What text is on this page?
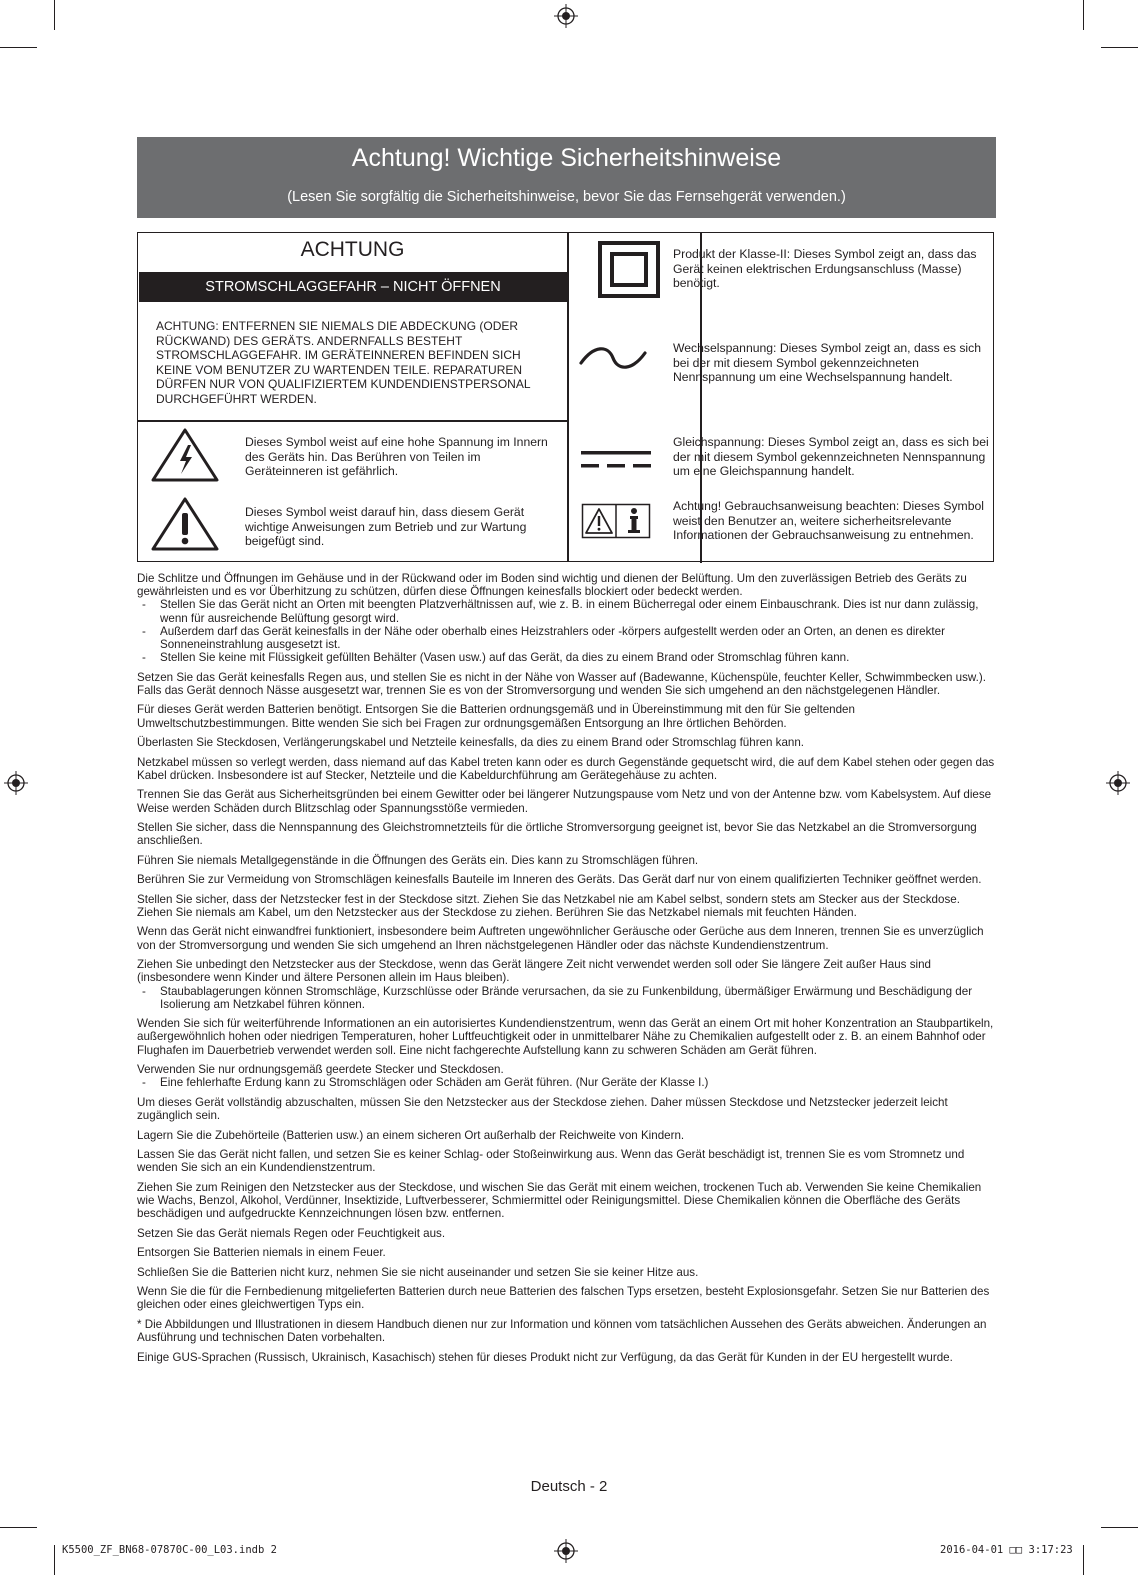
Achtung! Wichtige Sicherheitshinweise
(Lesen Sie sorgfältig die Sicherheitshinweise, bevor Sie das Fernsehgerät verwenden.)
ACHTUNG
STROMSCHLAGGEFAHR – NICHT ÖFFNEN
ACHTUNG: ENTFERNEN SIE NIEMALS DIE ABDECKUNG (ODER RÜCKWAND) DES GERÄTS. ANDERNFALLS BESTEHT STROMSCHLAGGEFAHR. IM GERÄTEINNEREN BEFINDEN SICH KEINE VOM BENUTZER ZU WARTENDEN TEILE. REPARATUREN DÜRFEN NUR VON QUALIFIZIERTEM KUNDENDIENSTPERSONAL DURCHGEFÜHRT WERDEN.
Dieses Symbol weist auf eine hohe Spannung im Innern des Geräts hin. Das Berühren von Teilen im Geräteinneren ist gefährlich.
Dieses Symbol weist darauf hin, dass diesem Gerät wichtige Anweisungen zum Betrieb und zur Wartung beigefügt sind.
Produkt der Klasse-II: Dieses Symbol zeigt an, dass das Gerät keinen elektrischen Erdungsanschluss (Masse) benötigt.
Wechselspannung: Dieses Symbol zeigt an, dass es sich bei der mit diesem Symbol gekennzeichneten Nennspannung um eine Wechselspannung handelt.
Gleichspannung: Dieses Symbol zeigt an, dass es sich bei der mit diesem Symbol gekennzeichneten Nennspannung um eine Gleichspannung handelt.
Achtung! Gebrauchsanweisung beachten: Dieses Symbol weist den Benutzer an, weitere sicherheitsrelevante Informationen der Gebrauchsanweisung zu entnehmen.

Die Schlitze und Öffnungen im Gehäuse und in der Rückwand oder im Boden sind wichtig und dienen der Belüftung. Um den zuverlässigen Betrieb des Geräts zu gewährleisten und es vor Überhitzung zu schützen, dürfen diese Öffnungen keinesfalls blockiert oder bedeckt werden.

- Stellen Sie das Gerät nicht an Orten mit beengten Platzverhältnissen auf, wie z. B. in einem Bücherregal oder einem Einbauschrank. Dies ist nur dann zulässig, wenn für ausreichende Belüftung gesorgt wird.

- Außerdem darf das Gerät keinesfalls in der Nähe oder oberhalb eines Heizstrahlers oder -körpers aufgestellt werden oder an Orten, an denen es direkter Sonneneinstrahlung ausgesetzt ist.

- Stellen Sie keine mit Flüssigkeit gefüllten Behälter (Vasen usw.) auf das Gerät, da dies zu einem Brand oder Stromschlag führen kann.

Setzen Sie das Gerät keinesfalls Regen aus, und stellen Sie es nicht in der Nähe von Wasser auf (Badewanne, Küchenspüle, feuchter Keller, Schwimmbecken usw.). Falls das Gerät dennoch Nässe ausgesetzt war, trennen Sie es von der Stromversorgung und wenden Sie sich umgehend an den nächstgelegenen Händler.

Für dieses Gerät werden Batterien benötigt. Entsorgen Sie die Batterien ordnungsgemäß und in Übereinstimmung mit den für Sie geltenden Umweltschutzbestimmungen. Bitte wenden Sie sich bei Fragen zur ordnungsgemäßen Entsorgung an Ihre örtlichen Behörden.

Überlasten Sie Steckdosen, Verlängerungskabel und Netzteile keinesfalls, da dies zu einem Brand oder Stromschlag führen kann.

Netzkabel müssen so verlegt werden, dass niemand auf das Kabel treten kann oder es durch Gegenstände gequetscht wird, die auf dem Kabel stehen oder gegen das Kabel drücken. Insbesondere ist auf Stecker, Netzteile und die Kabeldurchführung am Gerätegehäuse zu achten.

Trennen Sie das Gerät aus Sicherheitsgründen bei einem Gewitter oder bei längerer Nutzungspause vom Netz und von der Antenne bzw. vom Kabelsystem. Auf diese Weise werden Schäden durch Blitzschlag oder Spannungsstöße vermieden.

Stellen Sie sicher, dass die Nennspannung des Gleichstromnetzteils für die örtliche Stromversorgung geeignet ist, bevor Sie das Netzkabel an die Stromversorgung anschließen.

Führen Sie niemals Metallgegenstände in die Öffnungen des Geräts ein. Dies kann zu Stromschlägen führen.

Berühren Sie zur Vermeidung von Stromschlägen keinesfalls Bauteile im Inneren des Geräts. Das Gerät darf nur von einem qualifizierten Techniker geöffnet werden.

Stellen Sie sicher, dass der Netzstecker fest in der Steckdose sitzt. Ziehen Sie das Netzkabel nie am Kabel selbst, sondern stets am Stecker aus der Steckdose. Ziehen Sie niemals am Kabel, um den Netzstecker aus der Steckdose zu ziehen. Berühren Sie das Netzkabel niemals mit feuchten Händen.

Wenn das Gerät nicht einwandfrei funktioniert, insbesondere beim Auftreten ungewöhnlicher Geräusche oder Gerüche aus dem Inneren, trennen Sie es unverzüglich von der Stromversorgung und wenden Sie sich umgehend an Ihren nächstgelegenen Händler oder das nächste Kundendienstzentrum.

Ziehen Sie unbedingt den Netzstecker aus der Steckdose, wenn das Gerät längere Zeit nicht verwendet werden soll oder Sie längere Zeit außer Haus sind (insbesondere wenn Kinder und ältere Personen allein im Haus bleiben).

- Staubablagerungen können Stromschläge, Kurzschlüsse oder Brände verursachen, da sie zu Funkenbildung, übermäßiger Erwärmung und Beschädigung der Isolierung am Netzkabel führen können.

Wenden Sie sich für weiterführende Informationen an ein autorisiertes Kundendienstzentrum, wenn das Gerät an einem Ort mit hoher Konzentration an Staubpartikeln, außergewöhnlich hohen oder niedrigen Temperaturen, hoher Luftfeuchtigkeit oder in unmittelbarer Nähe zu Chemikalien aufgestellt oder z. B. an einem Bahnhof oder Flughafen im Dauerbetrieb verwendet werden soll. Eine nicht fachgerechte Aufstellung kann zu schweren Schäden am Gerät führen.

Verwenden Sie nur ordnungsgemäß geerdete Stecker und Steckdosen.

- Eine fehlerhafte Erdung kann zu Stromschlägen oder Schäden am Gerät führen. (Nur Geräte der Klasse I.)

Um dieses Gerät vollständig abzuschalten, müssen Sie den Netzstecker aus der Steckdose ziehen. Daher müssen Steckdose und Netzstecker jederzeit leicht zugänglich sein.

Lagern Sie die Zubehörteile (Batterien usw.) an einem sicheren Ort außerhalb der Reichweite von Kindern.

Lassen Sie das Gerät nicht fallen, und setzen Sie es keiner Schlag- oder Stoßeinwirkung aus. Wenn das Gerät beschädigt ist, trennen Sie es vom Stromnetz und wenden Sie sich an ein Kundendienstzentrum.

Ziehen Sie zum Reinigen den Netzstecker aus der Steckdose, und wischen Sie das Gerät mit einem weichen, trockenen Tuch ab. Verwenden Sie keine Chemikalien wie Wachs, Benzol, Alkohol, Verdünner, Insektizide, Luftverbesserer, Schmiermittel oder Reinigungsmittel. Diese Chemikalien können die Oberfläche des Geräts beschädigen und aufgedruckte Kennzeichnungen lösen bzw. entfernen.

Setzen Sie das Gerät niemals Regen oder Feuchtigkeit aus.

Entsorgen Sie Batterien niemals in einem Feuer.

Schließen Sie die Batterien nicht kurz, nehmen Sie sie nicht auseinander und setzen Sie sie keiner Hitze aus.

Wenn Sie die für die Fernbedienung mitgelieferten Batterien durch neue Batterien des falschen Typs ersetzen, besteht Explosionsgefahr. Setzen Sie nur Batterien des gleichen oder eines gleichwertigen Typs ein.

* Die Abbildungen und Illustrationen in diesem Handbuch dienen nur zur Information und können vom tatsächlichen Aussehen des Geräts abweichen. Änderungen an Ausführung und technischen Daten vorbehalten.

Einige GUS-Sprachen (Russisch, Ukrainisch, Kasachisch) stehen für dieses Produkt nicht zur Verfügung, da das Gerät für Kunden in der EU hergestellt wurde.

Deutsch - 2
K5500_ZF_BN68-07870C-00_L03.indb 2	2016-04-01 □□ 3:17:23
